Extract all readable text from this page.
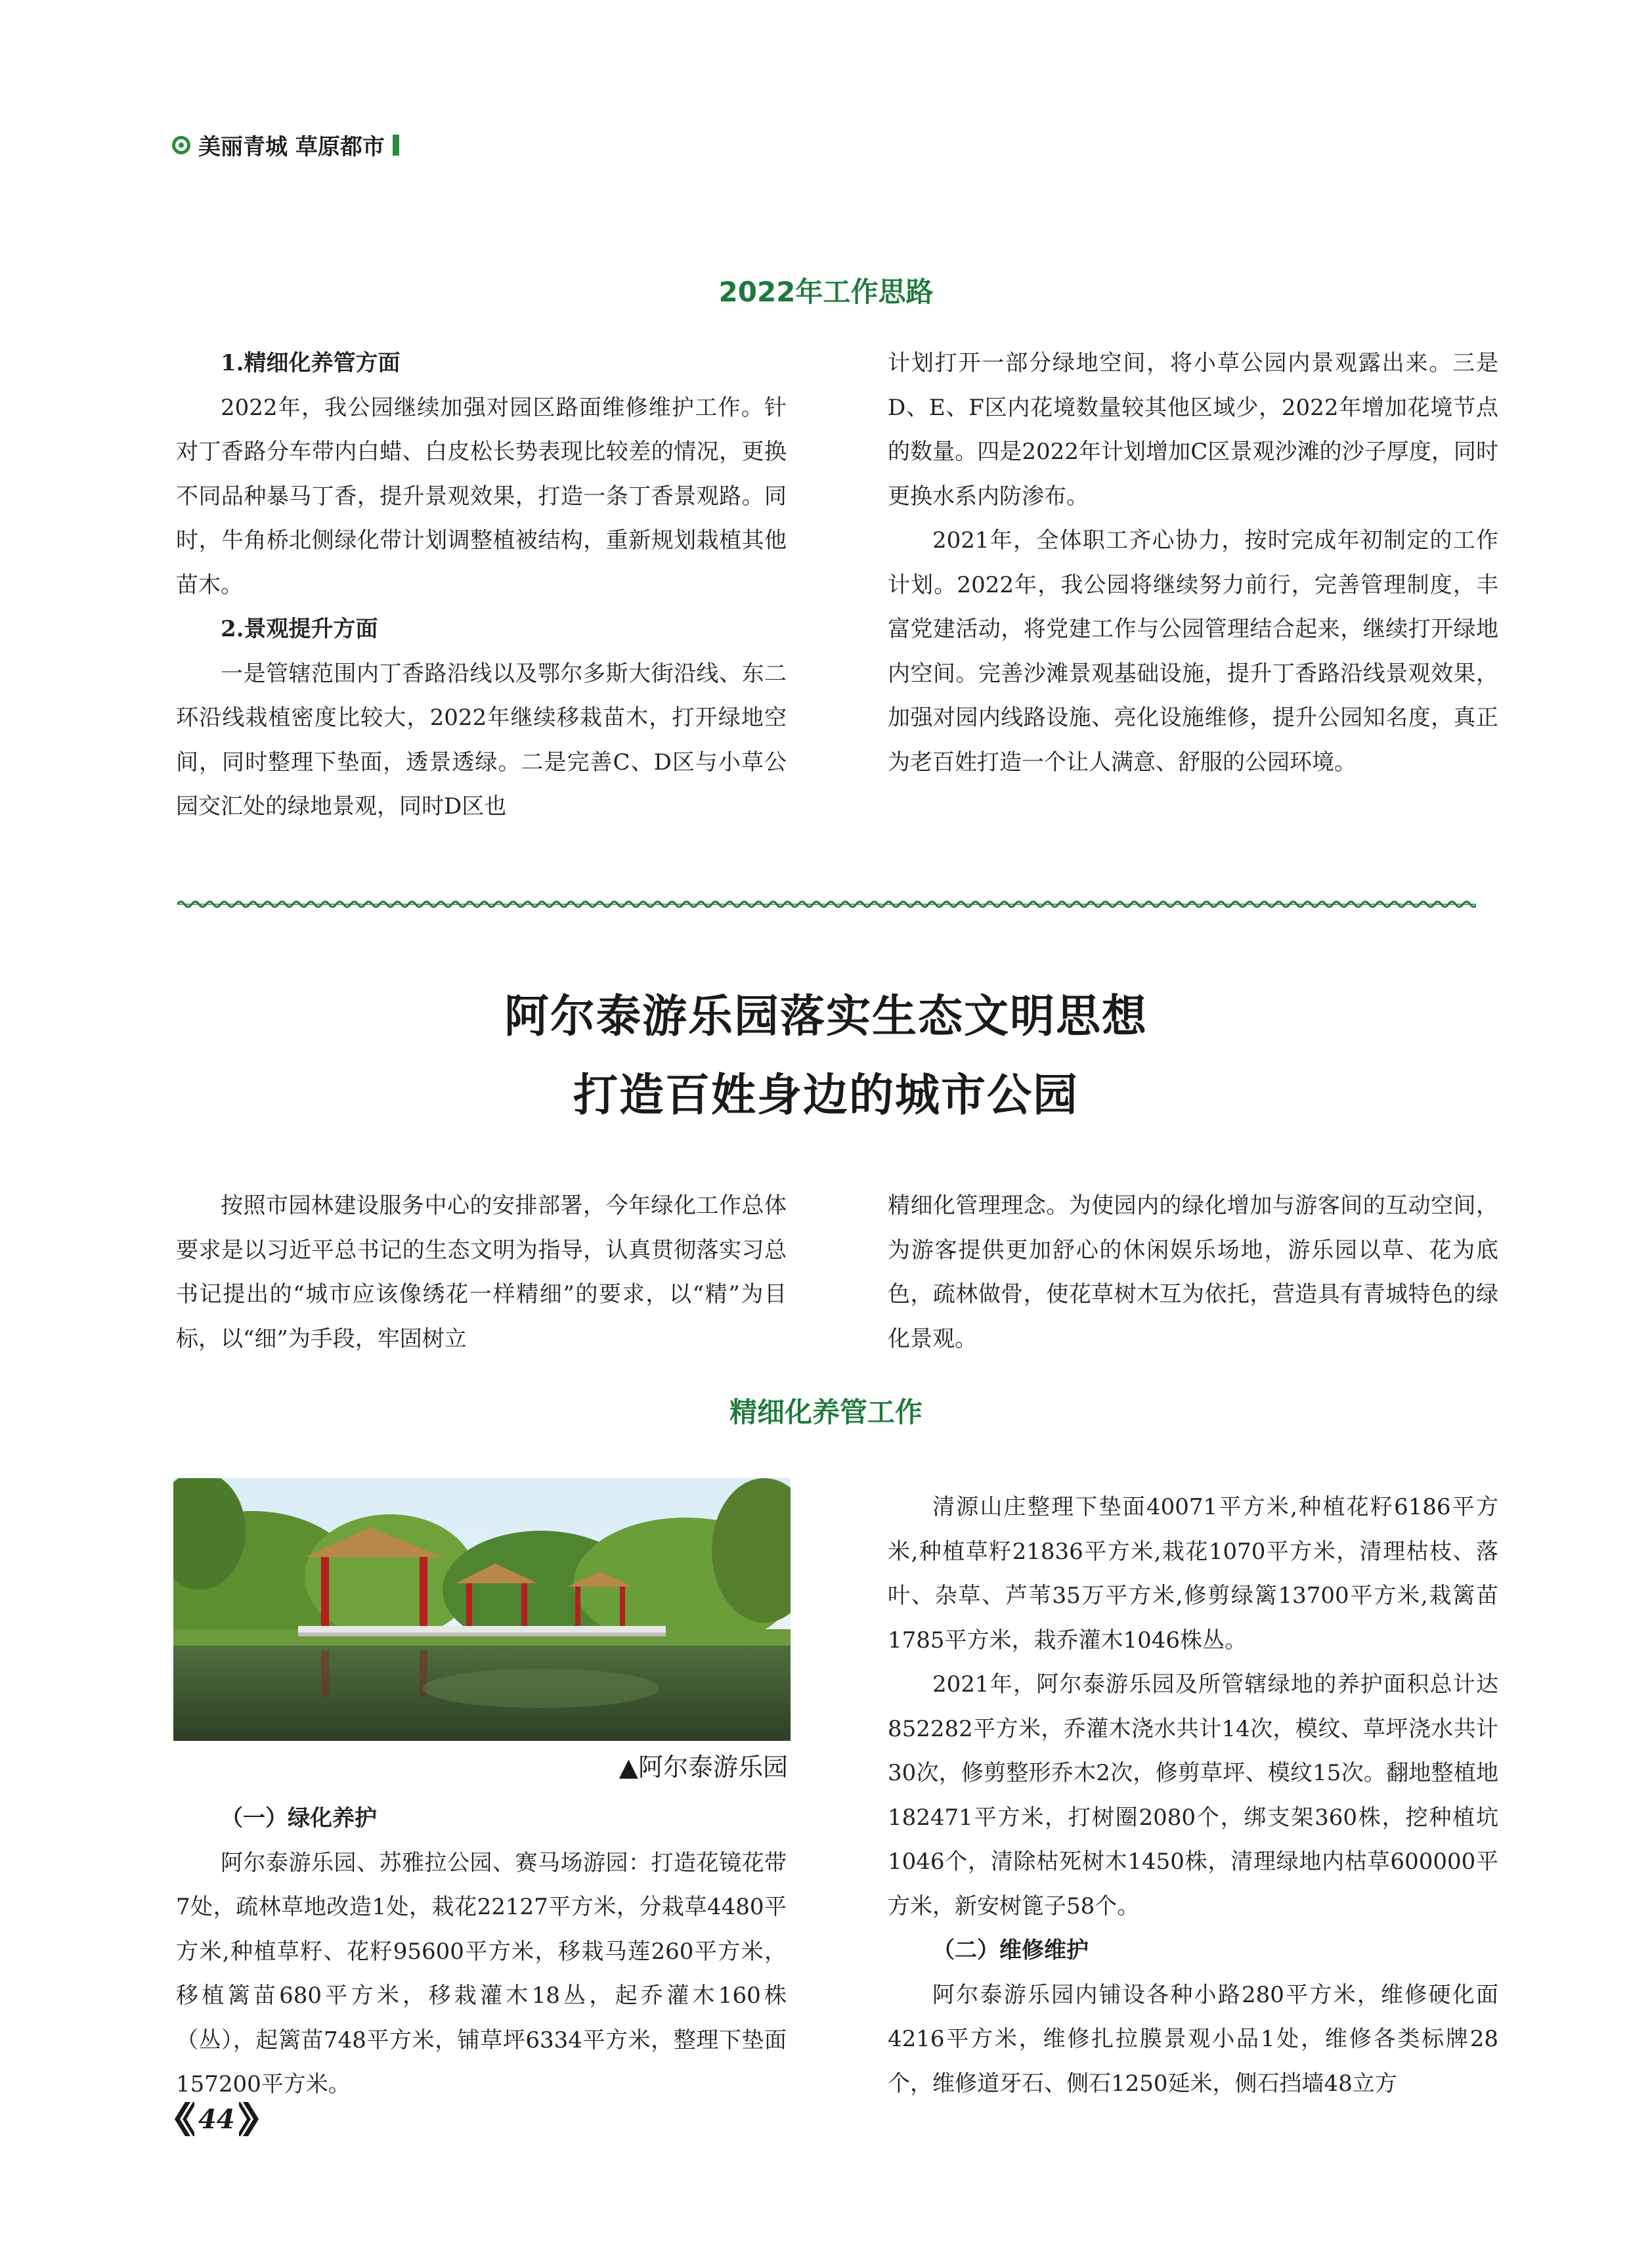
美丽青城 草原都市
2022年工作思路

1.精细化养管方面

2022年，我公园继续加强对园区路面维修维护工作。针对丁香路分车带内白蜡、白皮松长势表现比较差的情况，更换不同品种暴马丁香，提升景观效果，打造一条丁香景观路。同时，牛角桥北侧绿化带计划调整植被结构，重新规划栽植其他苗木。

2.景观提升方面

一是管辖范围内丁香路沿线以及鄂尔多斯大街沿线、东二环沿线栽植密度比较大，2022年继续移栽苗木，打开绿地空间，同时整理下垫面，透景透绿。二是完善C、D区与小草公园交汇处的绿地景观，同时D区也

计划打开一部分绿地空间，将小草公园内景观露出来。三是D、E、F区内花境数量较其他区域少，2022年增加花境节点的数量。四是2022年计划增加C区景观沙滩的沙子厚度，同时更换水系内防渗布。

2021年，全体职工齐心协力，按时完成年初制定的工作计划。2022年，我公园将继续努力前行，完善管理制度，丰富党建活动，将党建工作与公园管理结合起来，继续打开绿地内空间。完善沙滩景观基础设施，提升丁香路沿线景观效果，加强对园内线路设施、亮化设施维修，提升公园知名度，真正为老百姓打造一个让人满意、舒服的公园环境。

阿尔泰游乐园落实生态文明思想
打造百姓身边的城市公园

按照市园林建设服务中心的安排部署，今年绿化工作总体要求是以习近平总书记的生态文明为指导，认真贯彻落实习总书记提出的“城市应该像绣花一样精细”的要求，以“精”为目标，以“细”为手段，牢固树立

精细化管理理念。为使园内的绿化增加与游客间的互动空间，为游客提供更加舒心的休闲娱乐场地，游乐园以草、花为底色，疏林做骨，使花草树木互为依托，营造具有青城特色的绿化景观。

精细化养管工作
▲阿尔泰游乐园

（一）绿化养护

阿尔泰游乐园、苏雅拉公园、赛马场游园：打造花镜花带7处，疏林草地改造1处，栽花22127平方米，分栽草4480平方米,种植草籽、花籽95600平方米，移栽马莲260平方米，移植篱苗680平方米，移栽灌木18丛，起乔灌木160株（丛），起篱苗748平方米，铺草坪6334平方米，整理下垫面157200平方米。

清源山庄整理下垫面40071平方米,种植花籽6186平方米,种植草籽21836平方米,栽花1070平方米，清理枯枝、落叶、杂草、芦苇35万平方米,修剪绿篱13700平方米,栽篱苗1785平方米，栽乔灌木1046株丛。

2021年，阿尔泰游乐园及所管辖绿地的养护面积总计达852282平方米，乔灌木浇水共计14次，模纹、草坪浇水共计30次，修剪整形乔木2次，修剪草坪、模纹15次。翻地整植地182471平方米，打树圈2080个，绑支架360株，挖种植坑1046个，清除枯死树木1450株，清理绿地内枯草600000平方米，新安树篦子58个。

（二）维修维护

阿尔泰游乐园内铺设各种小路280平方米，维修硬化面4216平方米，维修扎拉膜景观小品1处，维修各类标牌28个，维修道牙石、侧石1250延米，侧石挡墙48立方

44
